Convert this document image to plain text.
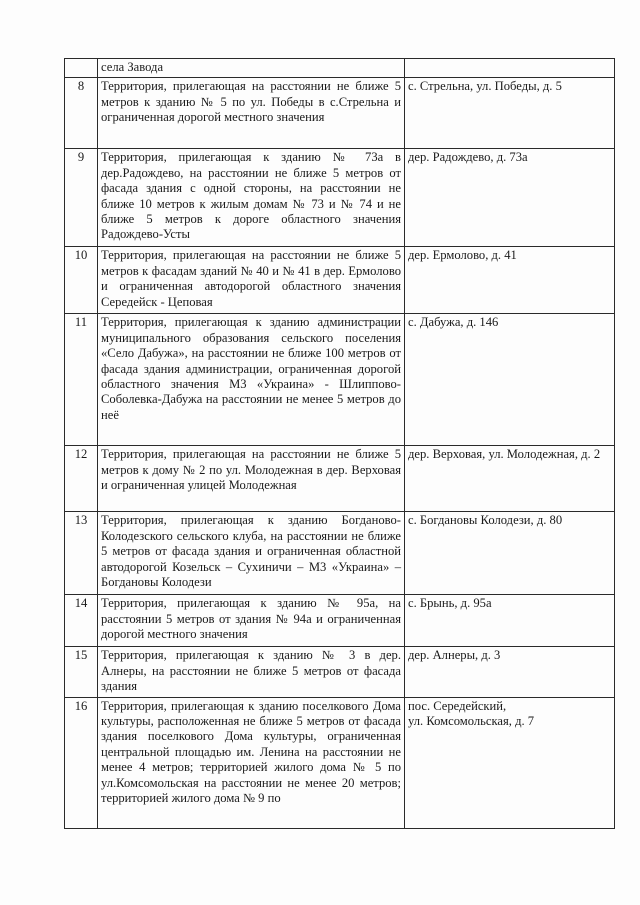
	села Завода	
8	Территория, прилегающая на расстоянии не ближе 5 метров к зданию № 5 по ул. Победы в с.Стрельна и ограниченная дорогой местного значения	с. Стрельна, ул. Победы, д. 5
9	Территория, прилегающая к зданию № 73а в дер.Радождево, на расстоянии не ближе 5 метров от фасада здания с одной стороны, на расстоянии не ближе 10 метров к жилым домам № 73 и № 74 и не ближе 5 метров к дороге областного значения Радождево-Усты	дер. Радождево, д. 73а
10	Территория, прилегающая на расстоянии не ближе 5 метров к фасадам зданий № 40 и № 41 в дер. Ермолово и ограниченная автодорогой областного значения Середейск - Цеповая	дер. Ермолово, д. 41
11	Территория, прилегающая к зданию администрации муниципального образования сельского поселения «Село Дабужа», на расстоянии не ближе 100 метров от фасада здания администрации, ограниченная дорогой областного значения М3 «Украина» - Шлиппово-Соболевка-Дабужа на расстоянии не менее 5 метров до неё	с. Дабужа, д. 146
12	Территория, прилегающая на расстоянии не ближе 5 метров к дому № 2 по ул. Молодежная в дер. Верховая и ограниченная улицей Молодежная	дер. Верховая, ул. Молодежная, д. 2
13	Территория, прилегающая к зданию Богданово-Колодезского сельского клуба, на расстоянии не ближе 5 метров от фасада здания и ограниченная областной автодорогой Козельск – Сухиничи – М3 «Украина» – Богдановы Колодези	с. Богдановы Колодези, д. 80
14	Территория, прилегающая к зданию № 95а, на расстоянии 5 метров от здания № 94а и ограниченная дорогой местного значения	с. Брынь, д. 95а
15	Территория, прилегающая к зданию № 3 в дер. Алнеры, на расстоянии не ближе 5 метров от фасада здания	дер. Алнеры, д. 3
16	Территория, прилегающая к зданию поселкового Дома культуры, расположенная не ближе 5 метров от фасада здания поселкового Дома культуры, ограниченная центральной площадью им. Ленина на расстоянии не менее 4 метров; территорией жилого дома № 5 по ул.Комсомольская на расстоянии не менее 20 метров; территорией жилого дома № 9 по	пос. Середейский,
ул. Комсомольская, д. 7
